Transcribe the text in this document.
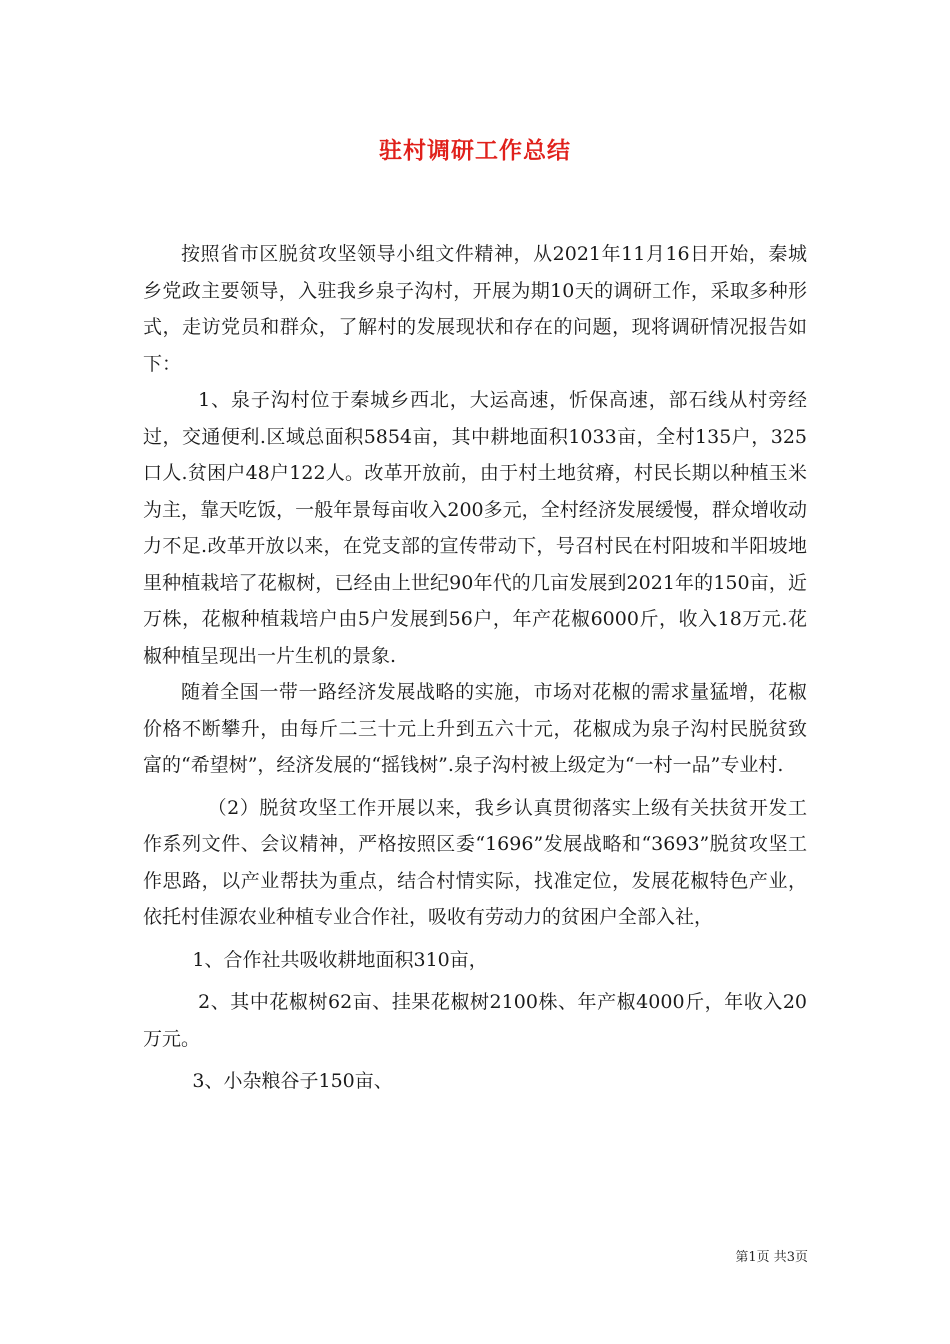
驻村调研工作总结

按照省市区脱贫攻坚领导小组文件精神，从2021年11月16日开始，秦城乡党政主要领导，入驻我乡泉子沟村，开展为期10天的调研工作，采取多种形式，走访党员和群众，了解村的发展现状和存在的问题，现将调研情况报告如下：

1、泉子沟村位于秦城乡西北，大运高速，忻保高速，部石线从村旁经过，交通便利.区域总面积5854亩，其中耕地面积1033亩，全村135户，325口人.贫困户48户122人。改革开放前，由于村土地贫瘠，村民长期以种植玉米为主，靠天吃饭，一般年景每亩收入200多元，全村经济发展缓慢，群众增收动力不足.改革开放以来，在党支部的宣传带动下，号召村民在村阳坡和半阳坡地里种植栽培了花椒树，已经由上世纪90年代的几亩发展到2021年的150亩，近万株，花椒种植栽培户由5户发展到56户，年产花椒6000斤，收入18万元.花椒种植呈现出一片生机的景象.

随着全国一带一路经济发展战略的实施，市场对花椒的需求量猛增，花椒价格不断攀升，由每斤二三十元上升到五六十元，花椒成为泉子沟村民脱贫致富的“希望树”，经济发展的“摇钱树”.泉子沟村被上级定为“一村一品”专业村.

（2）脱贫攻坚工作开展以来，我乡认真贯彻落实上级有关扶贫开发工作系列文件、会议精神，严格按照区委“1696”发展战略和“3693”脱贫攻坚工作思路，以产业帮扶为重点，结合村情实际，找准定位，发展花椒特色产业，依托村佳源农业种植专业合作社，吸收有劳动力的贫困户全部入社，

1、合作社共吸收耕地面积310亩，

2、其中花椒树62亩、挂果花椒树2100株、年产椒4000斤，年收入20万元。

3、小杂粮谷子150亩、

第1页 共3页
